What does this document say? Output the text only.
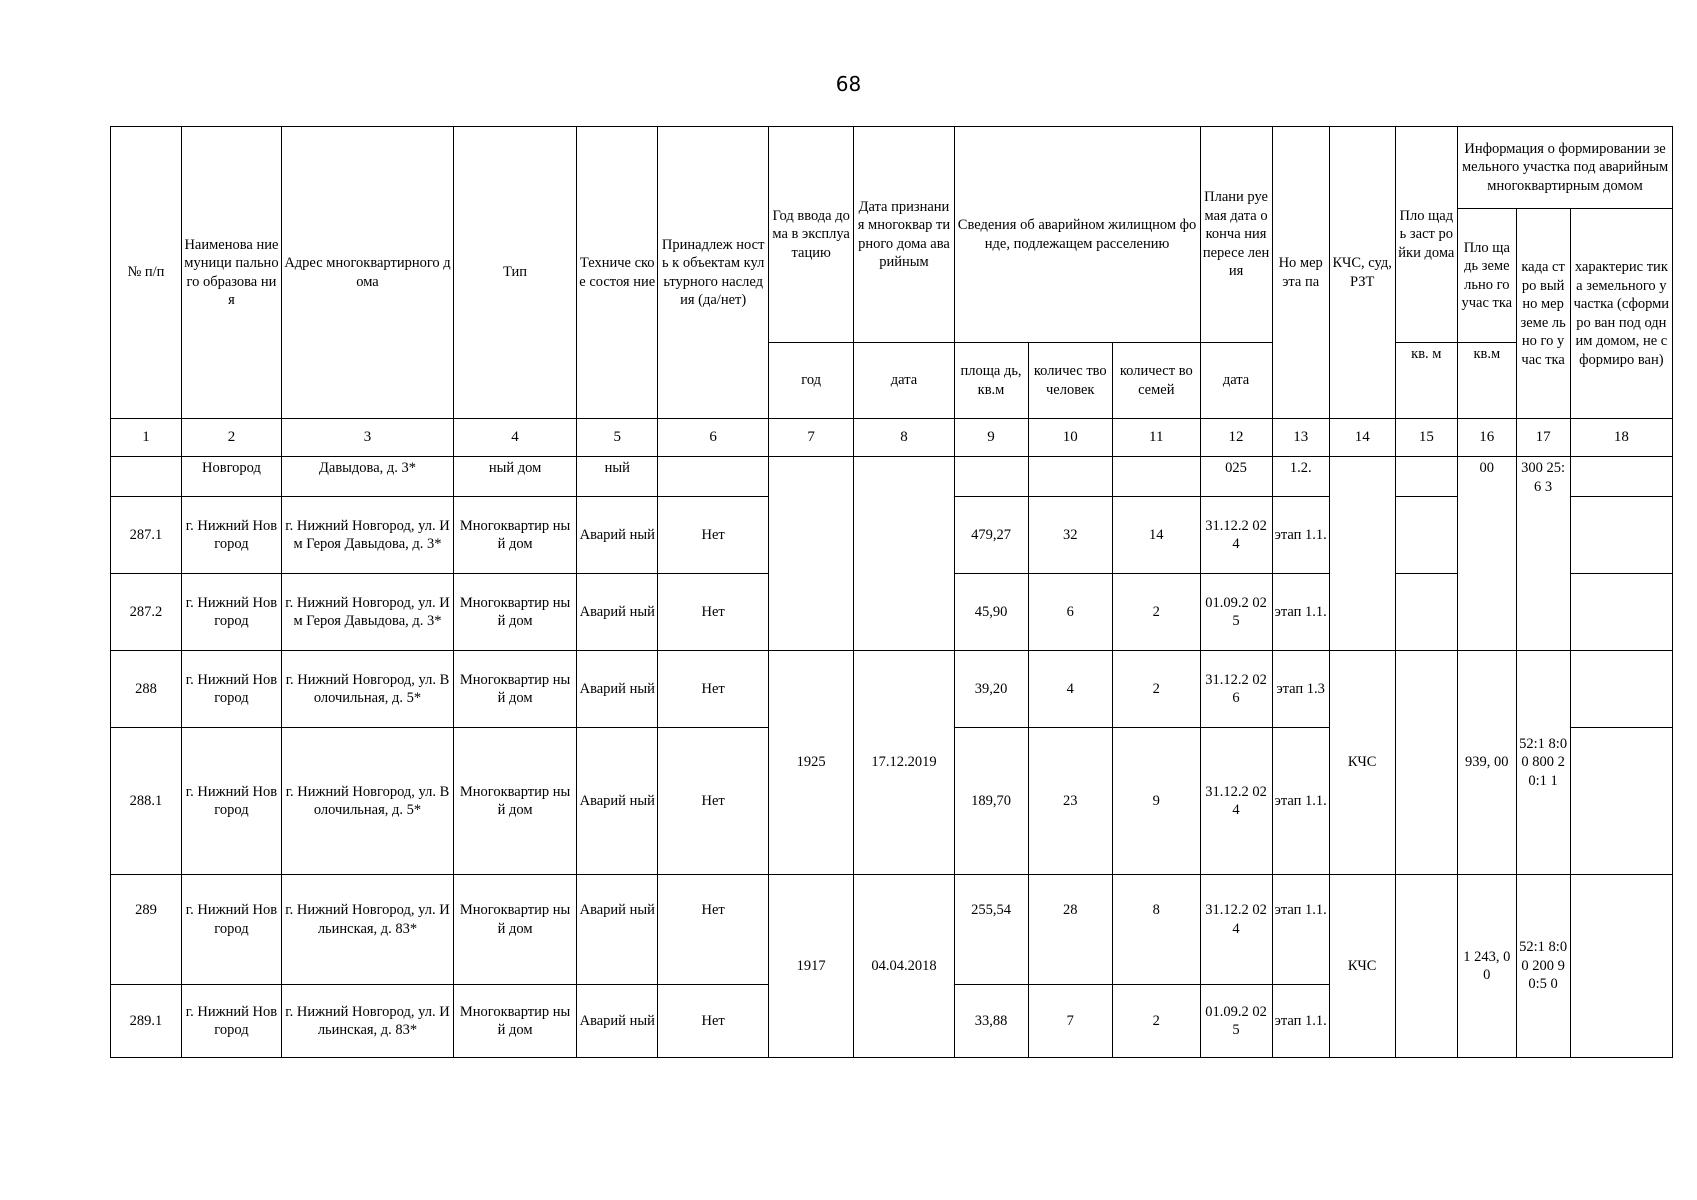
68
№ п/п	Наименова ние муници пального образова ния	Адрес многоквартирного дома	Тип	Техниче ское состоя ние	Принадлеж ность к объектам культурного наследия (да/нет)	Год ввода дома в эксплуа тацию	Дата признания многоквар тирного дома аварийным	Сведения об аварийном жилищном фонде, подлежащем расселению			Плани руемая дата оконча ния пересе ления	Но мер эта па	КЧС, суд, РЗТ	Пло щадь заст ройки дома	Информация о формировании земельного участка под аварийным многоквартирным домом		
															Пло щадь земе льно го учас тка	када стро вый но мер земе льно го учас тка	характерис тика земельного участка (сформиро ван под одним домом, не сформиро ван)
						год	дата	площа дь, кв.м	количес тво человек	количест во семей	дата			кв. м	кв.м		
1	2	3	4	5	6	7	8	9	10	11	12	13	14	15	16	17	18
	Новгород	Давыдова, д. 3*	ный дом	ный							025	1.2.			00	300 25:6 3	
287.1	г. Нижний Новгород	г. Нижний Новгород, ул. Им Героя Давыдова, д. 3*	Многоквартир ный дом	Аварий ный	Нет			479,27	32	14	31.12.2 024	этап 1.1.					
287.2	г. Нижний Новгород	г. Нижний Новгород, ул. Им Героя Давыдова, д. 3*	Многоквартир ный дом	Аварий ный	Нет			45,90	6	2	01.09.2 025	этап 1.1.					
288	г. Нижний Новгород	г. Нижний Новгород, ул. Волочильная, д. 5*	Многоквартир ный дом	Аварий ный	Нет	1925	17.12.2019	39,20	4	2	31.12.2 026	этап 1.3	КЧС		939, 00	52:1 8:00 800 20:1 1	
288.1	г. Нижний Новгород	г. Нижний Новгород, ул. Волочильная, д. 5*	Многоквартир ный дом	Аварий ный	Нет			189,70	23	9	31.12.2 024	этап 1.1.					
289	г. Нижний Новгород	г. Нижний Новгород, ул. Ильинская, д. 83*	Многоквартир ный дом	Аварий ный	Нет	1917	04.04.2018	255,54	28	8	31.12.2 024	этап 1.1.	КЧС		1 243, 00	52:1 8:00 200 90:5 0	
289.1	г. Нижний Новгород	г. Нижний Новгород, ул. Ильинская, д. 83*	Многоквартир ный дом	Аварий ный	Нет			33,88	7	2	01.09.2 025	этап 1.1.					
